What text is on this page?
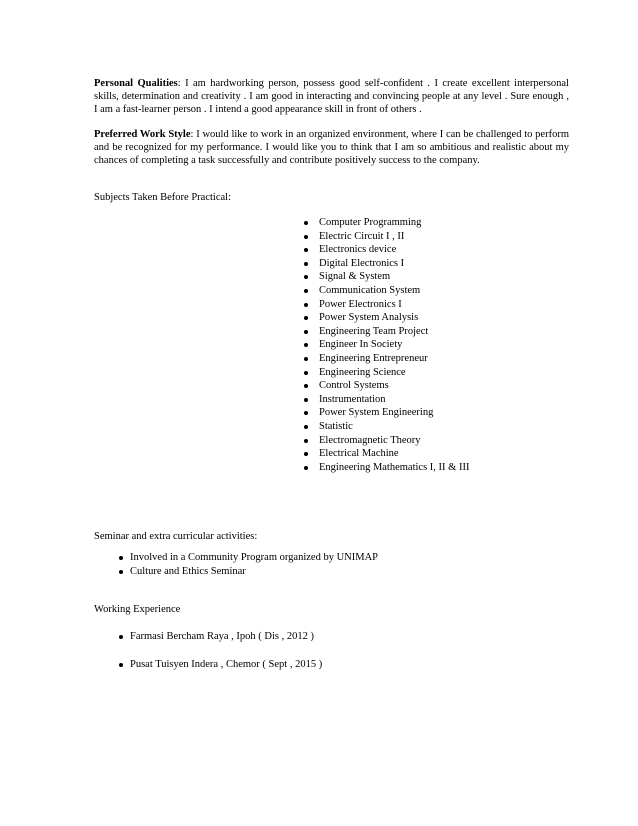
Personal Qualities: I am hardworking person, possess good self-confident . I create excellent interpersonal skills, determination and creativity . I am good in interacting and convincing people at any level . Sure enough , I am a fast-learner person . I intend a good appearance skill in front of others .
Preferred Work Style: I would like to work in an organized environment, where I can be challenged to perform and be recognized for my performance. I would like you to think that I am so ambitious and realistic about my chances of completing a task successfully and contribute positively success to the company.
Subjects Taken Before Practical:
Computer Programming
Electric Circuit I , II
Electronics device
Digital Electronics I
Signal & System
Communication System
Power Electronics I
Power System Analysis
Engineering Team Project
Engineer In Society
Engineering Entrepreneur
Engineering Science
Control Systems
Instrumentation
Power System Engineering
Statistic
Electromagnetic Theory
Electrical Machine
Engineering Mathematics I, II & III
Seminar and extra curricular activities:
Involved in a Community Program organized by UNIMAP
Culture and Ethics Seminar
Working Experience
Farmasi Bercham Raya , Ipoh ( Dis , 2012 )
Pusat Tuisyen Indera , Chemor ( Sept , 2015 )
